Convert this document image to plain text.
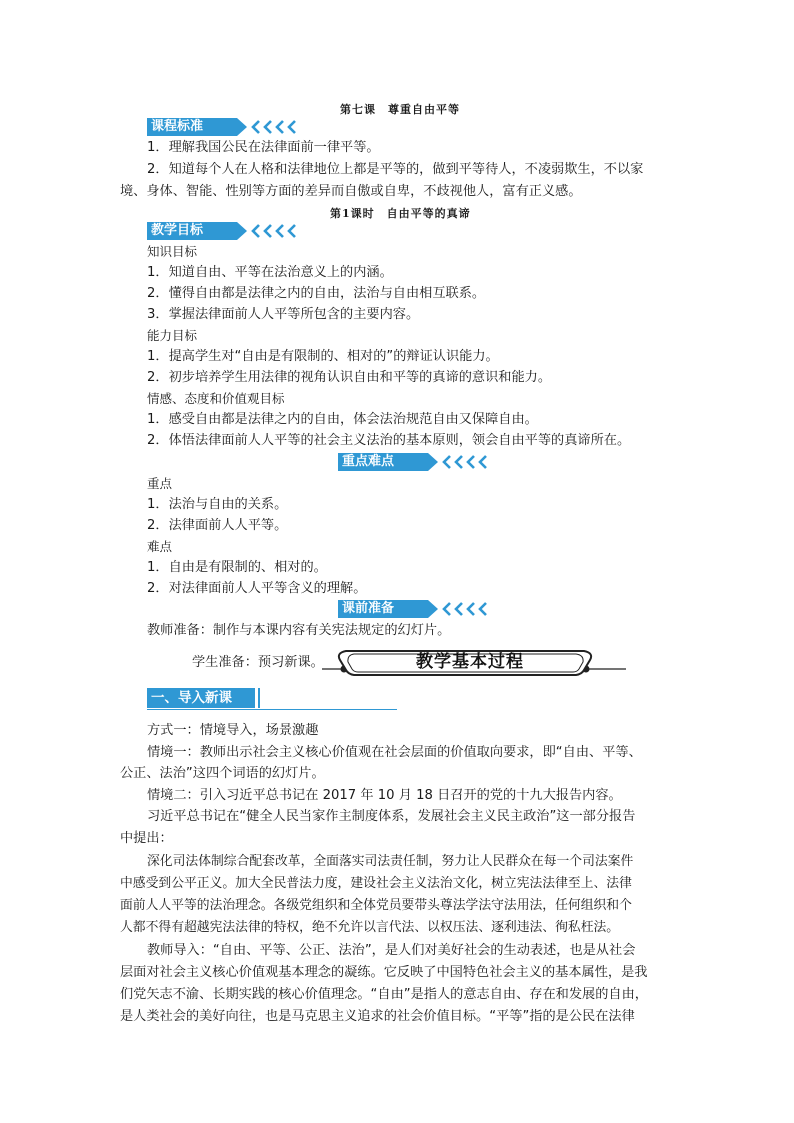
第七课　尊重自由平等
课程标准
1．理解我国公民在法律面前一律平等。
2．知道每个人在人格和法律地位上都是平等的，做到平等待人，不凌弱欺生，不以家
境、身体、智能、性别等方面的差异而自傲或自卑，不歧视他人，富有正义感。
第1课时　自由平等的真谛
教学目标
知识目标
1．知道自由、平等在法治意义上的内涵。
2．懂得自由都是法律之内的自由，法治与自由相互联系。
3．掌握法律面前人人平等所包含的主要内容。
能力目标
1．提高学生对“自由是有限制的、相对的”的辩证认识能力。
2．初步培养学生用法律的视角认识自由和平等的真谛的意识和能力。
情感、态度和价值观目标
1．感受自由都是法律之内的自由，体会法治规范自由又保障自由。
2．体悟法律面前人人平等的社会主义法治的基本原则，领会自由平等的真谛所在。
重点难点
重点
1．法治与自由的关系。
2．法律面前人人平等。
难点
1．自由是有限制的、相对的。
2．对法律面前人人平等含义的理解。
课前准备
教师准备：制作与本课内容有关宪法规定的幻灯片。
学生准备：预习新课。	教学基本过程
一、导入新课
方式一：情境导入，场景激趣
情境一：教师出示社会主义核心价值观在社会层面的价值取向要求，即“自由、平等、
公正、法治”这四个词语的幻灯片。
情境二：引入习近平总书记在 2017 年 10 月 18 日召开的党的十九大报告内容。
习近平总书记在“健全人民当家作主制度体系，发展社会主义民主政治”这一部分报告
中提出：
深化司法体制综合配套改革，全面落实司法责任制，努力让人民群众在每一个司法案件
中感受到公平正义。加大全民普法力度，建设社会主义法治文化，树立宪法法律至上、法律
面前人人平等的法治理念。各级党组织和全体党员要带头尊法学法守法用法，任何组织和个
人都不得有超越宪法法律的特权，绝不允许以言代法、以权压法、逐利违法、徇私枉法。
教师导入：“自由、平等、公正、法治”，是人们对美好社会的生动表述，也是从社会
层面对社会主义核心价值观基本理念的凝练。它反映了中国特色社会主义的基本属性，是我
们党矢志不渝、长期实践的核心价值理念。“自由”是指人的意志自由、存在和发展的自由，
是人类社会的美好向往，也是马克思主义追求的社会价值目标。“平等”指的是公民在法律
